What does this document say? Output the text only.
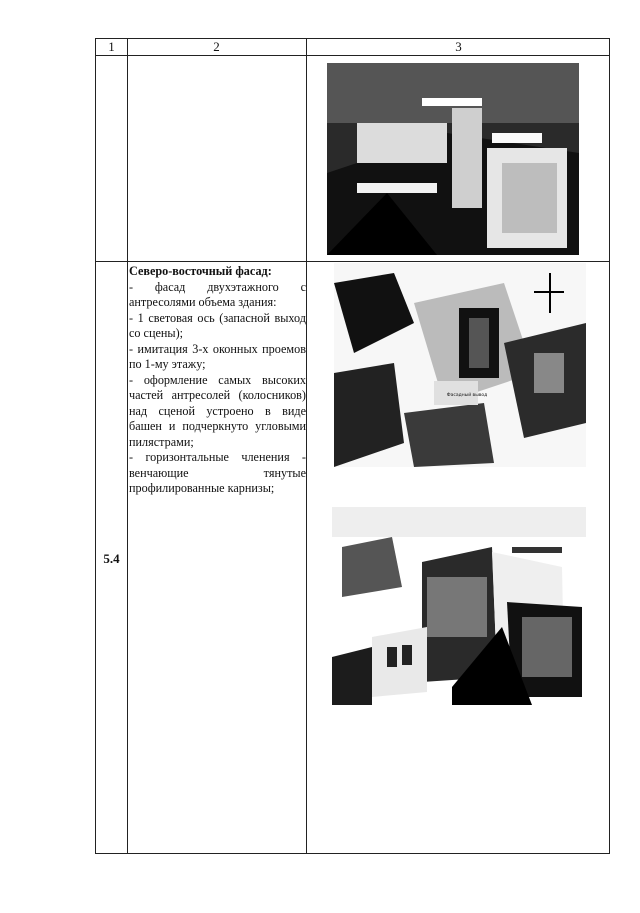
1	2	3
5.4
Северо-восточный фасад:

- фасад двухэтажного с антресолями объема здания:

- 1 световая ось (запасной выход со сцены);

- имитация 3-х оконных проемов по 1-му этажу;

- оформление самых высоких частей антресолей (колосников) над сценой устроено в виде башен и подчеркнуто угловыми пилястрами;

- горизонтальные членения - венчающие тянутые профилированные карнизы;

Фасадный вывод
